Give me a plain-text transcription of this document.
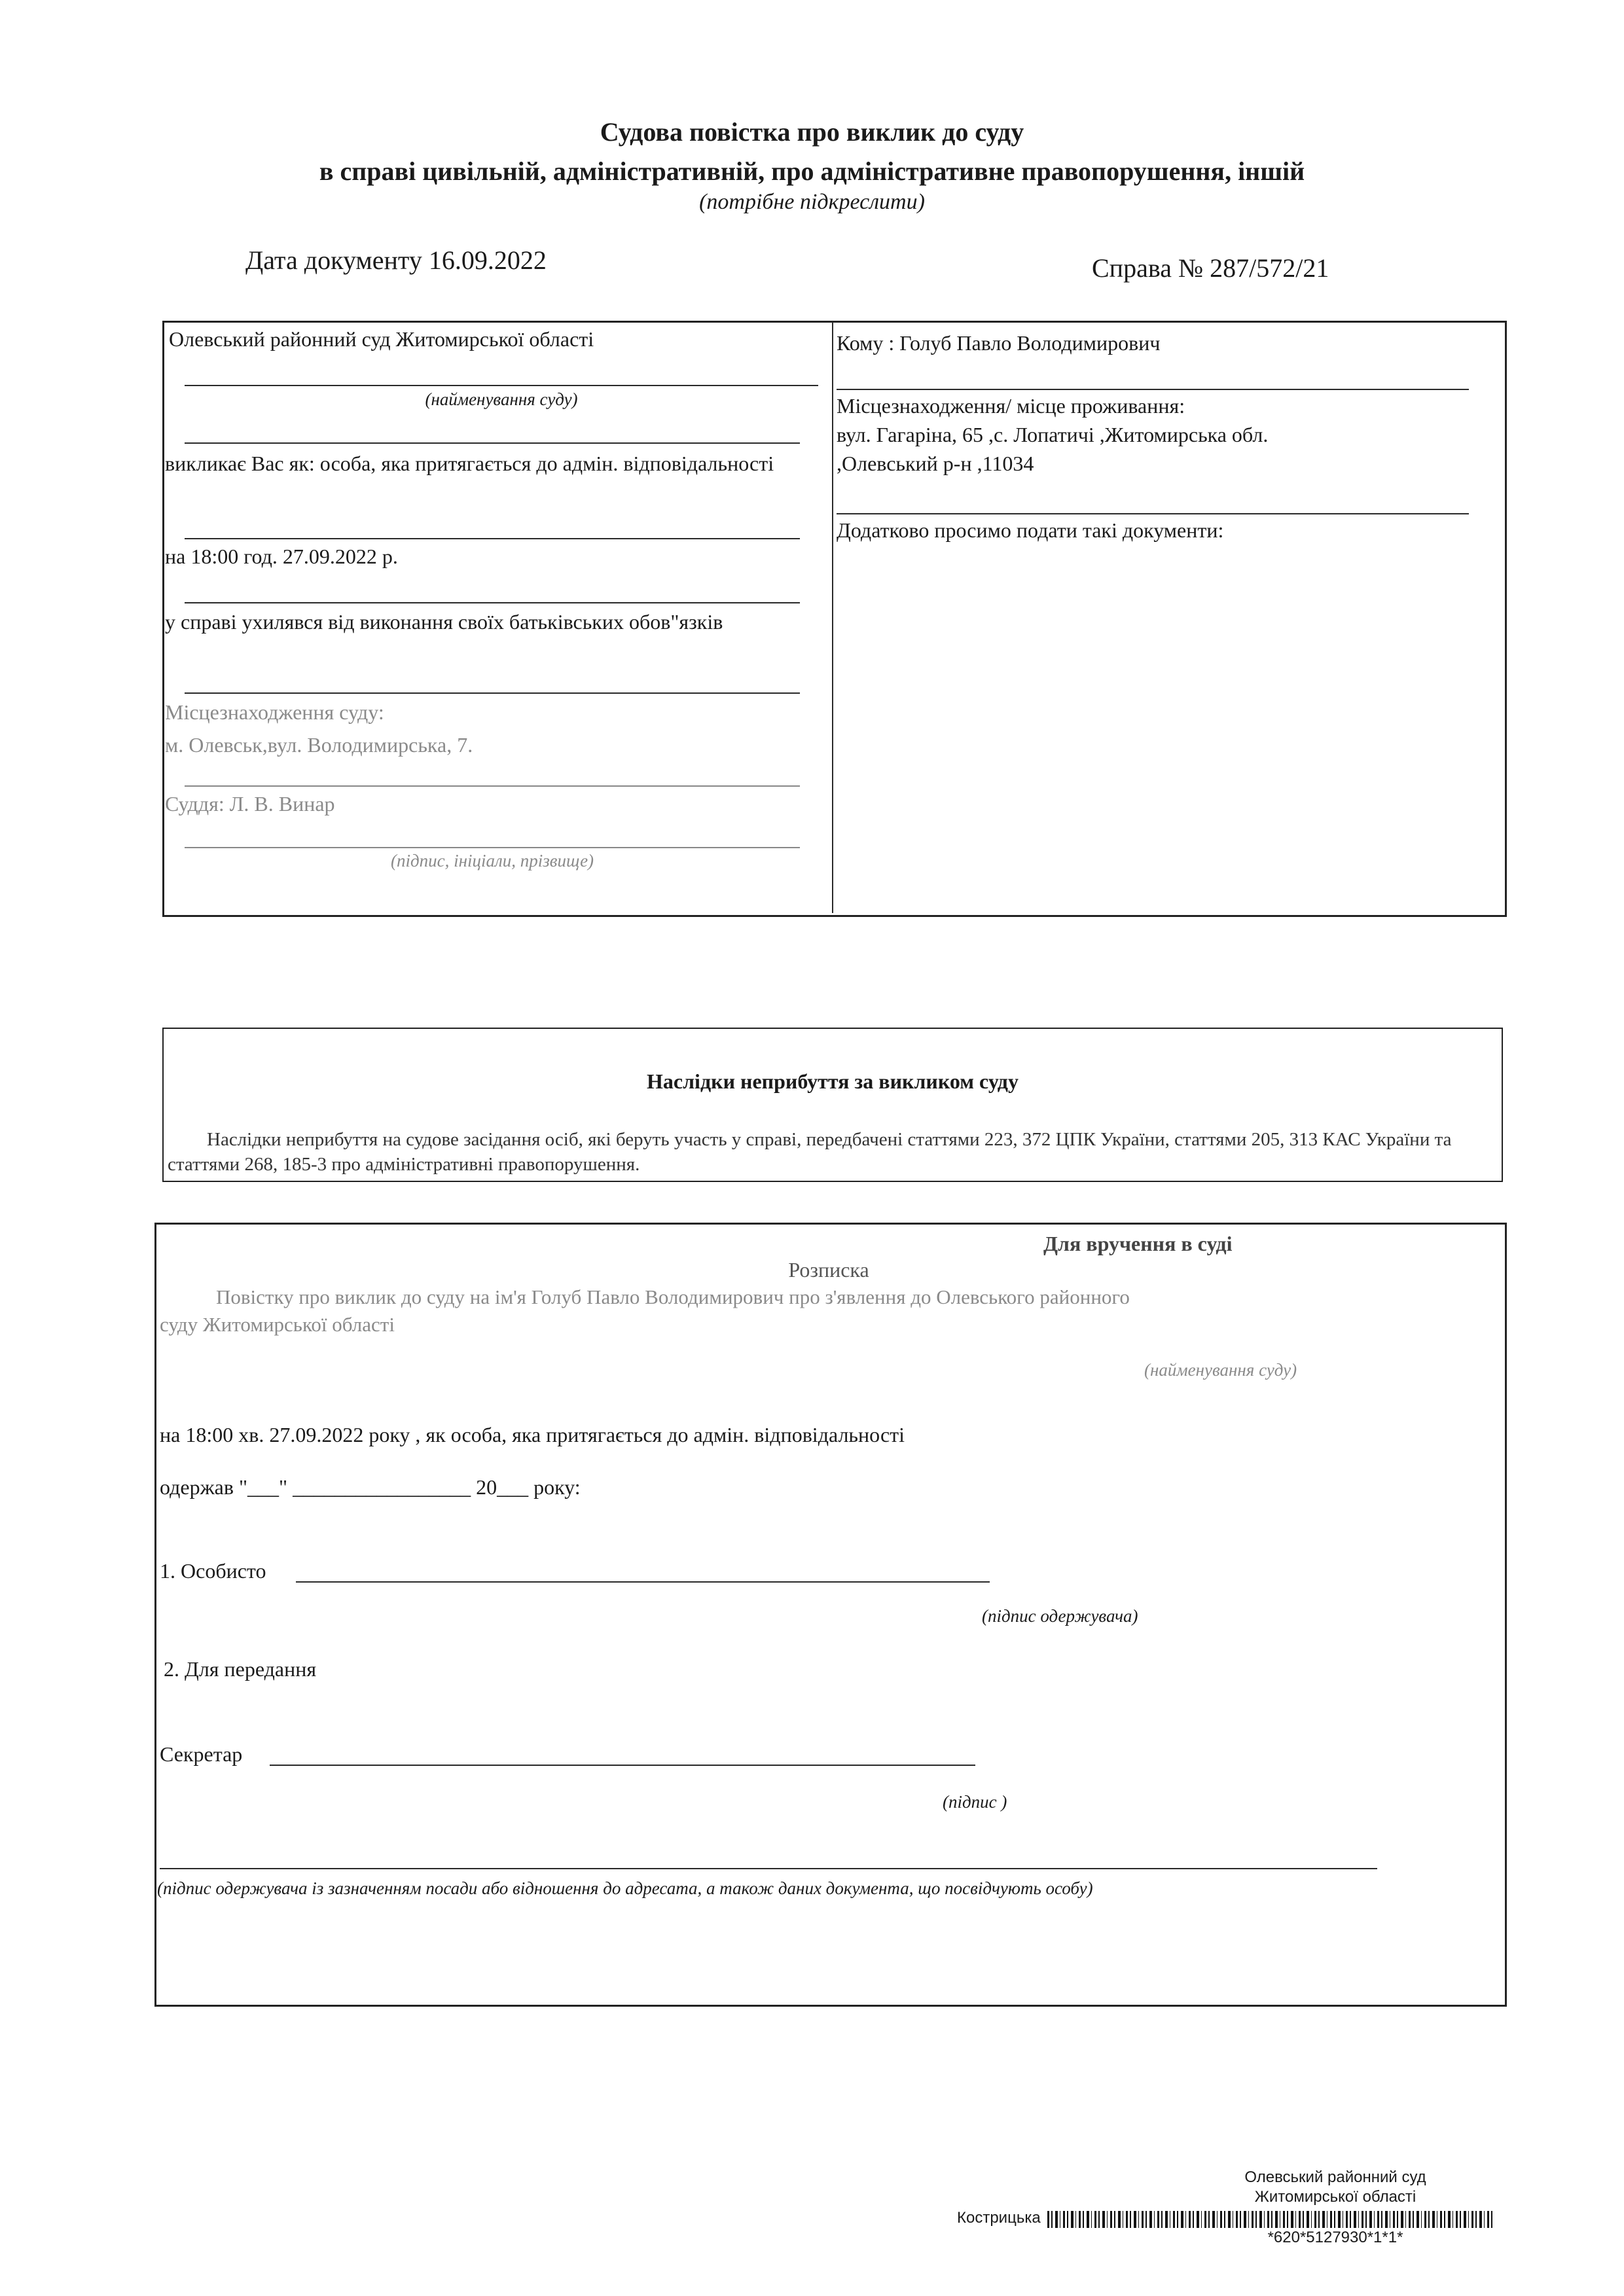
Судова повістка про виклик до суду
в справі цивільній, адміністративній, про адміністративне правопорушення, іншій
(потрібне підкреслити)
Дата документу 16.09.2022	Справа № 287/572/21
Олевський районний суд Житомирської області
(найменування суду)
викликає Вас як: особа, яка притягається до адмін. відповідальності
на 18:00 год. 27.09.2022 р.
у справі ухилявся від виконання своїх батьківських обов"язків
Місцезнаходження суду:
м. Олевськ,вул. Володимирська, 7.
Суддя: Л. В. Винар
(підпис, ініціали, прізвище)
Кому : Голуб Павло Володимирович
Місцезнаходження/ місце проживання:
вул. Гагаріна, 65 ,с. Лопатичі ,Житомирська обл.
,Олевський р-н ,11034
Додатково просимо подати такі документи:
Наслідки неприбуття за викликом суду
Наслідки неприбуття на судове засідання осіб, які беруть участь у справі, передбачені статтями 223, 372 ЦПК України, статтями 205, 313 КАС України та статтями 268, 185-3 про адміністративні правопорушення.
Для вручення в суді
Розписка
Повістку про виклик до суду на ім'я Голуб Павло Володимирович про з'явлення до Олевського районного
суду Житомирської області
(найменування суду)
на 18:00 хв. 27.09.2022 року , як особа, яка притягається до адмін. відповідальності
одержав "___" _________________ 20___ року:
1. Особисто
(підпис одержувача)
2. Для передання
Секретар
(підпис )
(підпис одержувача із зазначенням посади або відношення до адресата, а також даних документа, що посвідчують особу)
Олевський районний суд
Житомирської області
Кострицька
*620*5127930*1*1*
